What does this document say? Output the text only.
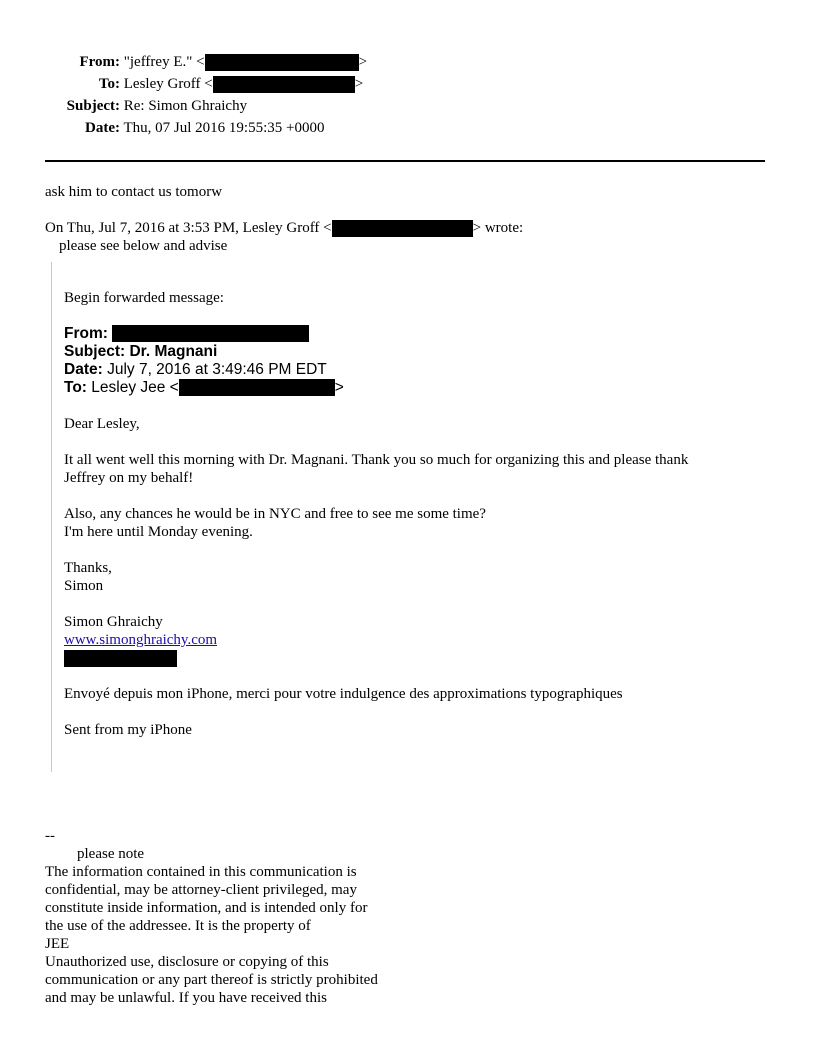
From: "jeffrey E." <	>
To: Lesley Groff <	>
Subject: Re: Simon Ghraichy
Date: Thu, 07 Jul 2016 19:55:35 +0000
ask him to contact us tomorw
On Thu, Jul 7, 2016 at 3:53 PM, Lesley Groff <	> wrote:
please see below and advise
Begin forwarded message:
From:
Subject: Dr. Magnani
Date: July 7, 2016 at 3:49:46 PM EDT
To: Lesley Jee <	>
Dear Lesley,
It all went well this morning with Dr. Magnani. Thank you so much for organizing this and please thank
Jeffrey on my behalf!
Also, any chances he would be in NYC and free to see me some time?
I'm here until Monday evening.
Thanks,
Simon
Simon Ghraichy
www.simonghraichy.com
Envoyé depuis mon iPhone, merci pour votre indulgence des approximations typographiques
Sent from my iPhone
--
please note
The information contained in this communication is
confidential, may be attorney-client privileged, may
constitute inside information, and is intended only for
the use of the addressee. It is the property of
JEE
Unauthorized use, disclosure or copying of this
communication or any part thereof is strictly prohibited
and may be unlawful. If you have received this
